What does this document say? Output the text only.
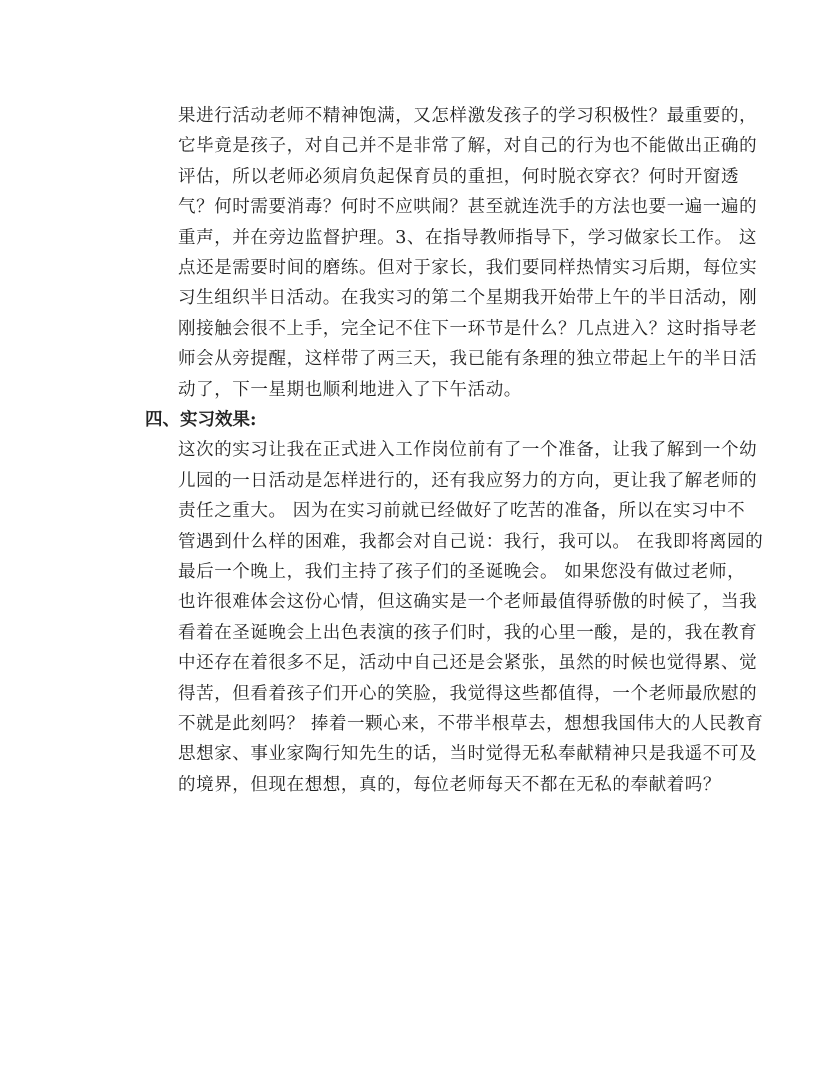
果进行活动老师不精神饱满，又怎样激发孩子的学习积极性？最重要的，
它毕竟是孩子，对自己并不是非常了解，对自己的行为也不能做出正确的
评估，所以老师必须肩负起保育员的重担，何时脱衣穿衣？何时开窗透
气？何时需要消毒？何时不应哄闹？甚至就连洗手的方法也要一遍一遍的
重声，并在旁边监督护理。3、在指导教师指导下，学习做家长工作。 这
点还是需要时间的磨练。但对于家长，我们要同样热情实习后期，每位实
习生组织半日活动。在我实习的第二个星期我开始带上午的半日活动，刚
刚接触会很不上手，完全记不住下一环节是什么？几点进入？这时指导老
师会从旁提醒，这样带了两三天，我已能有条理的独立带起上午的半日活
动了，下一星期也顺利地进入了下午活动。
四、实习效果:
这次的实习让我在正式进入工作岗位前有了一个准备，让我了解到一个幼
儿园的一日活动是怎样进行的，还有我应努力的方向，更让我了解老师的
责任之重大。 因为在实习前就已经做好了吃苦的准备，所以在实习中不
管遇到什么样的困难，我都会对自己说：我行，我可以。 在我即将离园的
最后一个晚上，我们主持了孩子们的圣诞晚会。 如果您没有做过老师，
也许很难体会这份心情，但这确实是一个老师最值得骄傲的时候了，当我
看着在圣诞晚会上出色表演的孩子们时，我的心里一酸，是的，我在教育
中还存在着很多不足，活动中自己还是会紧张，虽然的时候也觉得累、觉
得苦，但看着孩子们开心的笑脸，我觉得这些都值得，一个老师最欣慰的
不就是此刻吗？ 捧着一颗心来，不带半根草去，想想我国伟大的人民教育
思想家、事业家陶行知先生的话，当时觉得无私奉献精神只是我遥不可及
的境界，但现在想想，真的，每位老师每天不都在无私的奉献着吗？
